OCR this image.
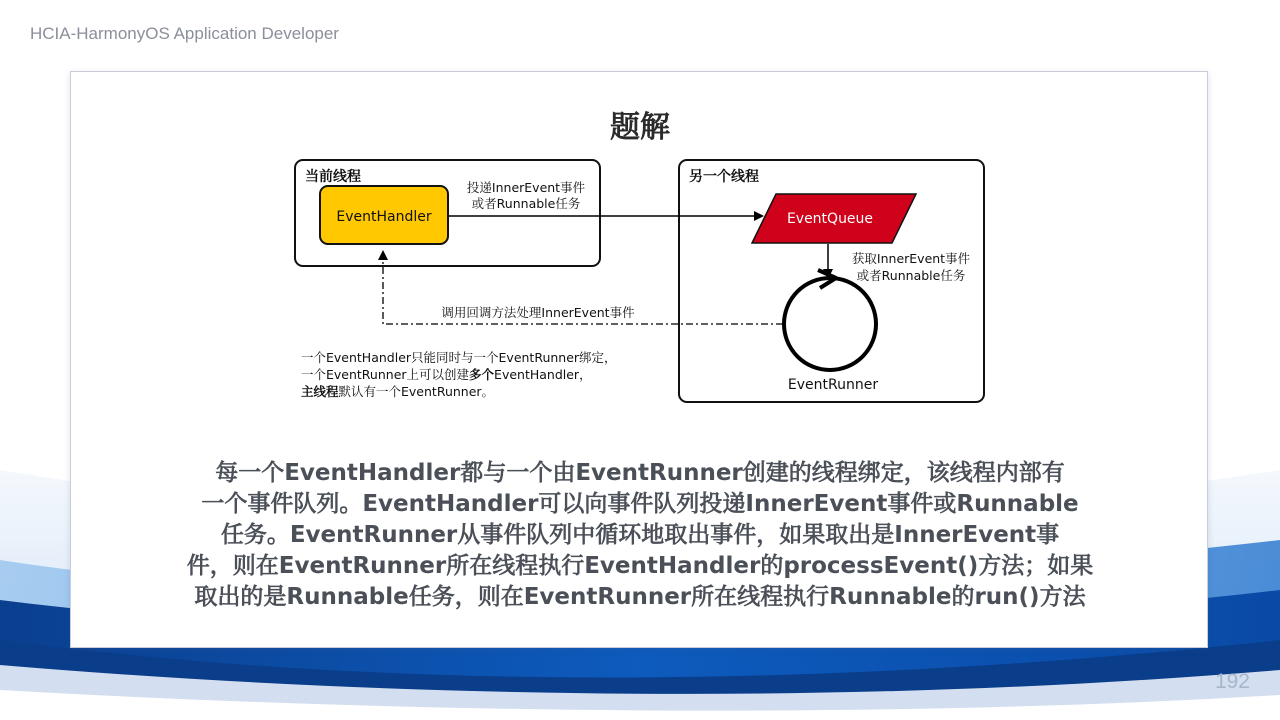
HCIA-HarmonyOS Application Developer
题解
当前线程
EventHandler
另一个线程
EventQueue
投递InnerEvent事件
或者Runnable任务
获取InnerEvent事件
或者Runnable任务
EventRunner
调用回调方法处理InnerEvent事件
一个EventHandler只能同时与一个EventRunner绑定，
一个EventRunner上可以创建多个EventHandler，
主线程默认有一个EventRunner。
每一个EventHandler都与一个由EventRunner创建的线程绑定，该线程内部有
一个事件队列。EventHandler可以向事件队列投递InnerEvent事件或Runnable
任务。EventRunner从事件队列中循环地取出事件，如果取出是InnerEvent事
件，则在EventRunner所在线程执行EventHandler的processEvent()方法；如果
取出的是Runnable任务，则在EventRunner所在线程执行Runnable的run()方法
192
